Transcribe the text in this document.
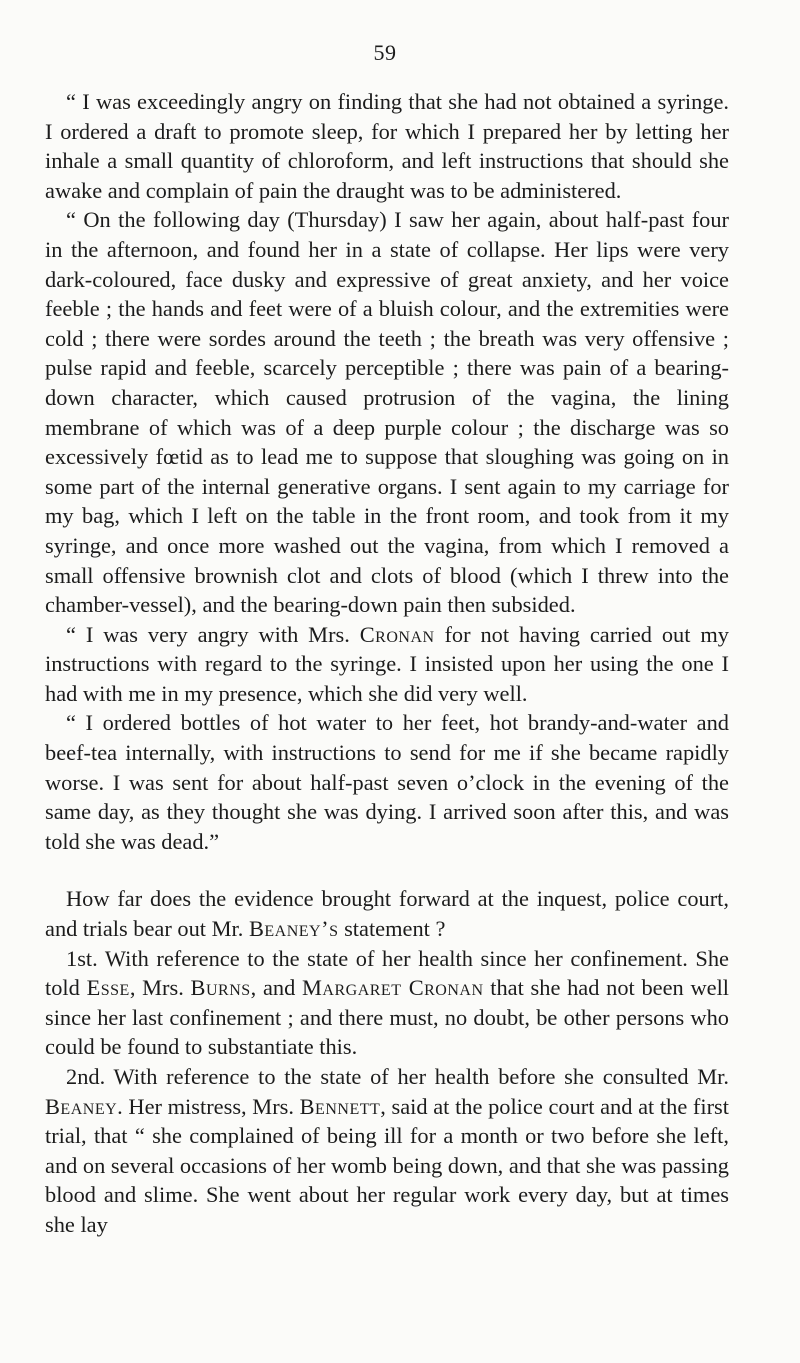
59

“ I was exceedingly angry on finding that she had not obtained a syringe. I ordered a draft to promote sleep, for which I prepared her by letting her inhale a small quantity of chloroform, and left instructions that should she awake and complain of pain the draught was to be administered.

“ On the following day (Thursday) I saw her again, about half-past four in the afternoon, and found her in a state of collapse. Her lips were very dark-coloured, face dusky and expressive of great anxiety, and her voice feeble ; the hands and feet were of a bluish colour, and the extremities were cold ; there were sordes around the teeth ; the breath was very offensive ; pulse rapid and feeble, scarcely perceptible ; there was pain of a bearing-down character, which caused protrusion of the vagina, the lining membrane of which was of a deep purple colour ; the discharge was so excessively fœtid as to lead me to suppose that sloughing was going on in some part of the internal generative organs. I sent again to my carriage for my bag, which I left on the table in the front room, and took from it my syringe, and once more washed out the vagina, from which I removed a small offensive brownish clot and clots of blood (which I threw into the chamber-vessel), and the bearing-down pain then subsided.

“ I was very angry with Mrs. Cronan for not having carried out my instructions with regard to the syringe. I insisted upon her using the one I had with me in my presence, which she did very well.

“ I ordered bottles of hot water to her feet, hot brandy-and-water and beef-tea internally, with instructions to send for me if she became rapidly worse. I was sent for about half-past seven o’clock in the evening of the same day, as they thought she was dying. I arrived soon after this, and was told she was dead.”

How far does the evidence brought forward at the inquest, police court, and trials bear out Mr. Beaney’s statement ?

1st. With reference to the state of her health since her confinement. She told Esse, Mrs. Burns, and Margaret Cronan that she had not been well since her last confinement ; and there must, no doubt, be other persons who could be found to substantiate this.

2nd. With reference to the state of her health before she consulted Mr. Beaney. Her mistress, Mrs. Bennett, said at the police court and at the first trial, that “ she complained of being ill for a month or two before she left, and on several occasions of her womb being down, and that she was passing blood and slime. She went about her regular work every day, but at times she lay
